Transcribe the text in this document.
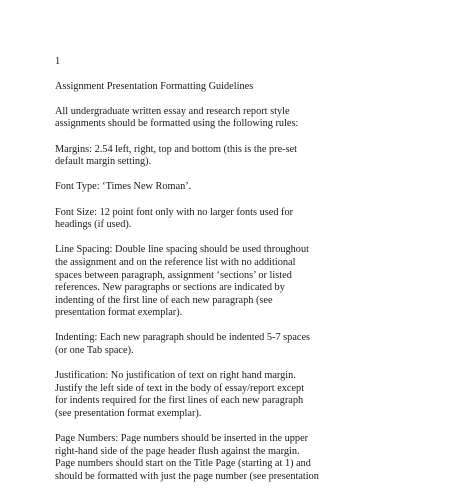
1

Assignment Presentation Formatting Guidelines

All undergraduate written essay and research report style
assignments should be formatted using the following rules:

Margins: 2.54 left, right, top and bottom (this is the pre-set
default margin setting).

Font Type: ‘Times New Roman’.

Font Size: 12 point font only with no larger fonts used for
headings (if used).

Line Spacing: Double line spacing should be used throughout
the assignment and on the reference list with no additional
spaces between paragraph, assignment ‘sections’ or listed
references. New paragraphs or sections are indicated by
indenting of the first line of each new paragraph (see
presentation format exemplar).

Indenting: Each new paragraph should be indented 5-7 spaces
(or one Tab space).

Justification: No justification of text on right hand margin.
Justify the left side of text in the body of essay/report except
for indents required for the first lines of each new paragraph
(see presentation format exemplar).

Page Numbers: Page numbers should be inserted in the upper
right-hand side of the page header flush against the margin.
Page numbers should start on the Title Page (starting at 1) and
should be formatted with just the page number (see presentation
